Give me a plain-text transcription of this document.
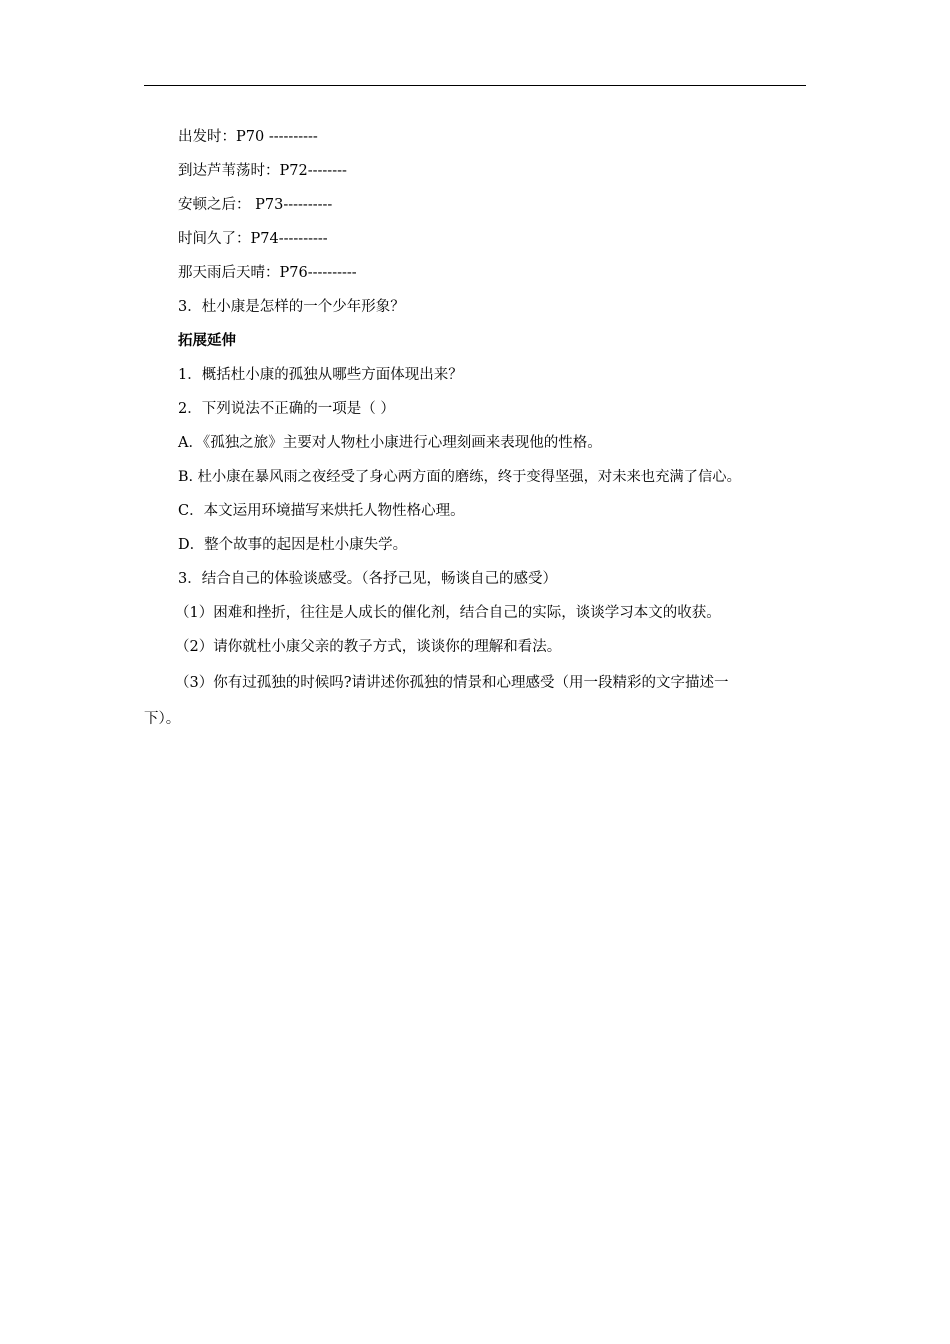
出发时：P70 ----------
到达芦苇荡时：P72--------
安顿之后： P73----------
时间久了：P74----------
那天雨后天晴：P76----------
3．杜小康是怎样的一个少年形象？
拓展延伸
1．概括杜小康的孤独从哪些方面体现出来？
2．下列说法不正确的一项是（ ）
A．《孤独之旅》主要对人物杜小康进行心理刻画来表现他的性格。
B. 杜小康在暴风雨之夜经受了身心两方面的磨练，终于变得坚强，对未来也充满了信心。
C．本文运用环境描写来烘托人物性格心理。
D．整个故事的起因是杜小康失学。
3．结合自己的体验谈感受。（各抒己见，畅谈自己的感受）
（1）困难和挫折，往往是人成长的催化剂，结合自己的实际，谈谈学习本文的收获。
（2）请你就杜小康父亲的教子方式，谈谈你的理解和看法。
（3）你有过孤独的时候吗?请讲述你孤独的情景和心理感受（用一段精彩的文字描述一
下）。
